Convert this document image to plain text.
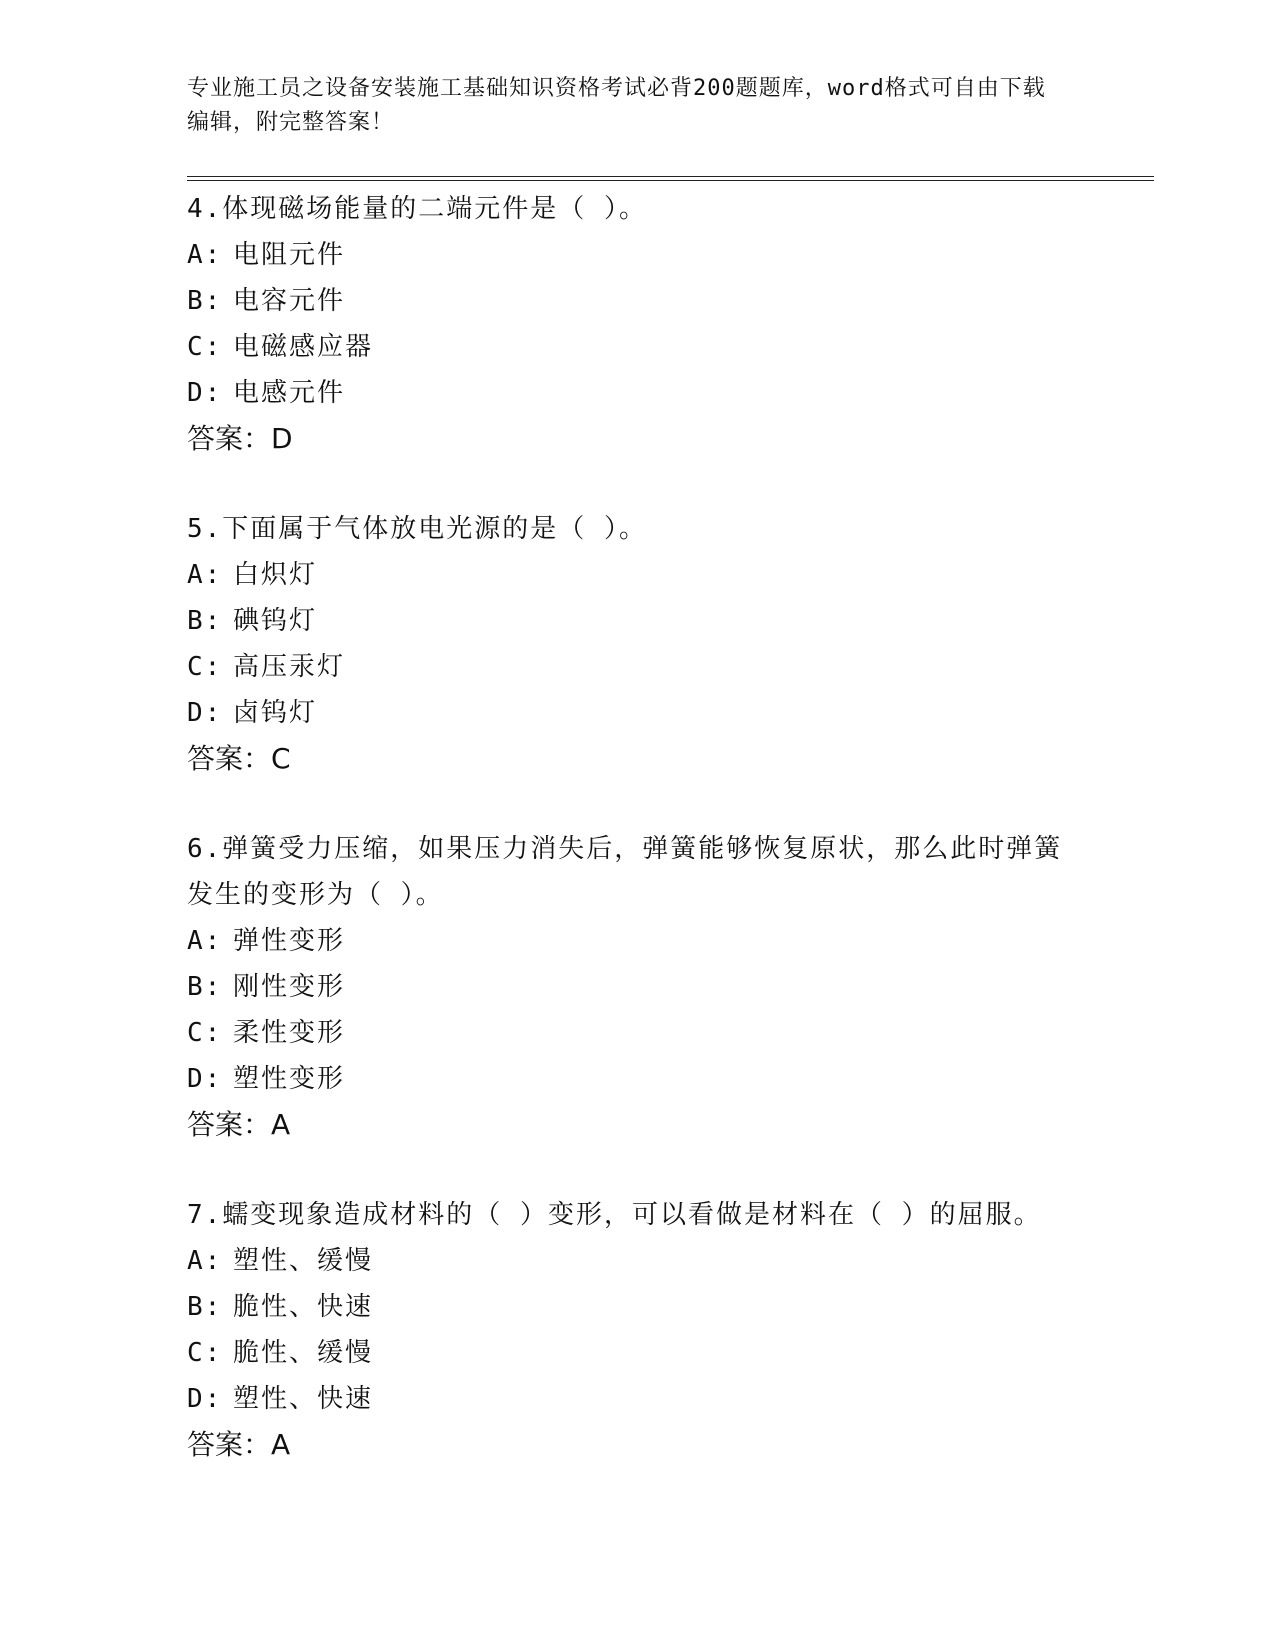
专业施工员之设备安装施工基础知识资格考试必背200题题库，word格式可自由下载编辑，附完整答案！

4.体现磁场能量的二端元件是（ ）。

A: 电阻元件

B: 电容元件

C: 电磁感应器

D: 电感元件

答案：D

5.下面属于气体放电光源的是（ ）。

A: 白炽灯

B: 碘钨灯

C: 高压汞灯

D: 卤钨灯

答案：C

6.弹簧受力压缩，如果压力消失后，弹簧能够恢复原状，那么此时弹簧发生的变形为（ ）。

A: 弹性变形

B: 刚性变形

C: 柔性变形

D: 塑性变形

答案：A

7.蠕变现象造成材料的（ ）变形，可以看做是材料在（ ）的屈服。

A: 塑性、缓慢

B: 脆性、快速

C: 脆性、缓慢

D: 塑性、快速

答案：A
